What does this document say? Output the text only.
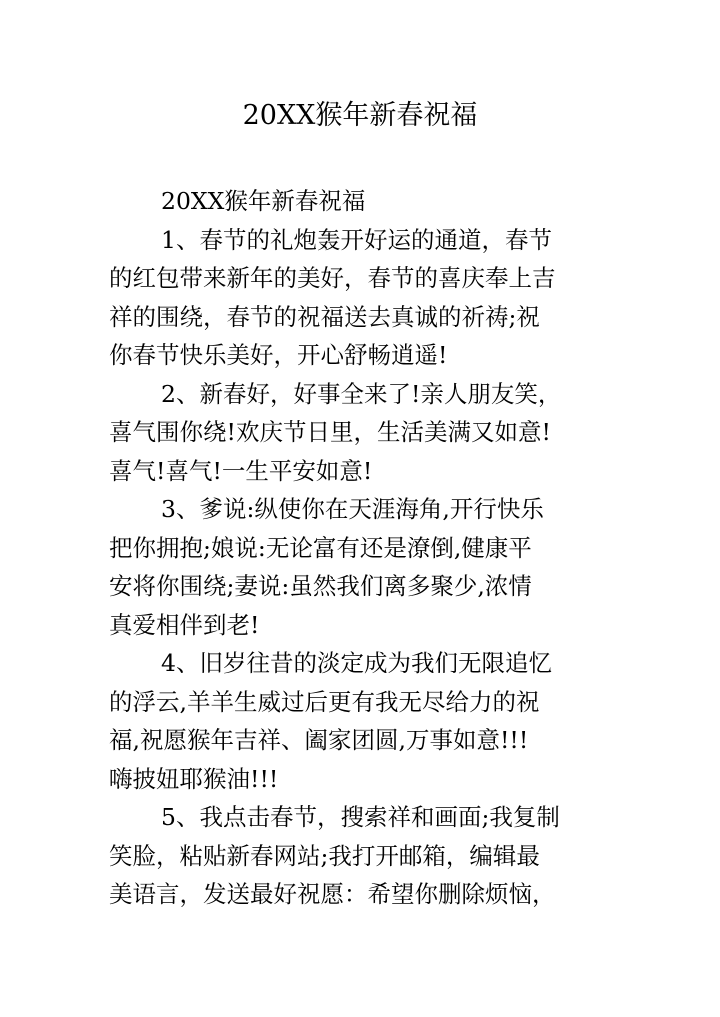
20XX猴年新春祝福
20XX猴年新春祝福
1、春节的礼炮轰开好运的通道，春节
的红包带来新年的美好，春节的喜庆奉上吉
祥的围绕，春节的祝福送去真诚的祈祷;祝
你春节快乐美好，开心舒畅逍遥!
2、新春好，好事全来了!亲人朋友笑，
喜气围你绕!欢庆节日里，生活美满又如意!
喜气!喜气!一生平安如意!
3、爹说:纵使你在天涯海角,开行快乐
把你拥抱;娘说:无论富有还是潦倒,健康平
安将你围绕;妻说:虽然我们离多聚少,浓情
真爱相伴到老!
4、旧岁往昔的淡定成为我们无限追忆
的浮云,羊羊生威过后更有我无尽给力的祝
福,祝愿猴年吉祥、阖家团圆,万事如意!!!
嗨披妞耶猴油!!!
5、我点击春节，搜索祥和画面;我复制
笑脸，粘贴新春网站;我打开邮箱，编辑最
美语言，发送最好祝愿：希望你删除烦恼，
